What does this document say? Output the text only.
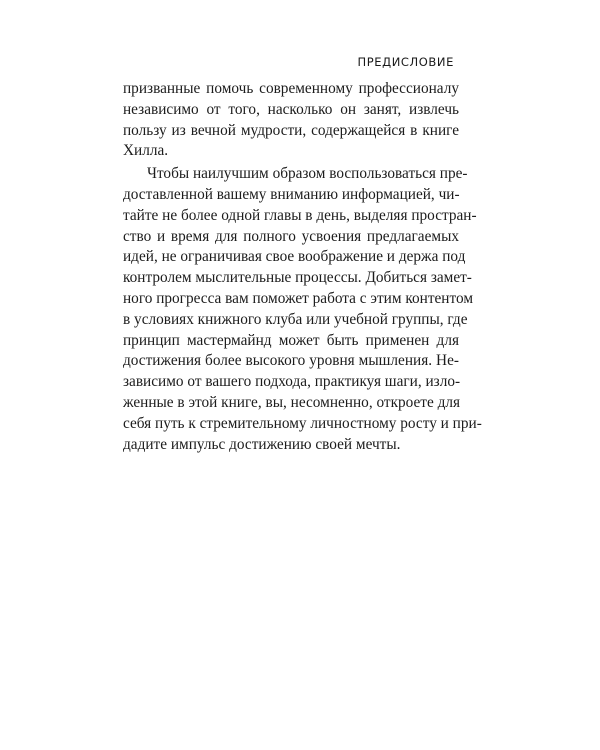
ПРЕДИСЛОВИЕ
призванные помочь современному профессионалу
независимо от того, насколько он занят, извлечь
пользу из вечной мудрости, содержащейся в книге
Хилла.
Чтобы наилучшим образом воспользоваться пре-
доставленной вашему вниманию информацией, чи-
тайте не более одной главы в день, выделяя простран-
ство и время для полного усвоения предлагаемых
идей, не ограничивая свое воображение и держа под
контролем мыслительные процессы. Добиться замет-
ного прогресса вам поможет работа с этим контентом
в условиях книжного клуба или учебной группы, где
принцип мастермайнд может быть применен для
достижения более высокого уровня мышления. Не-
зависимо от вашего подхода, практикуя шаги, изло-
женные в этой книге, вы, несомненно, откроете для
себя путь к стремительному личностному росту и при-
дадите импульс достижению своей мечты.
